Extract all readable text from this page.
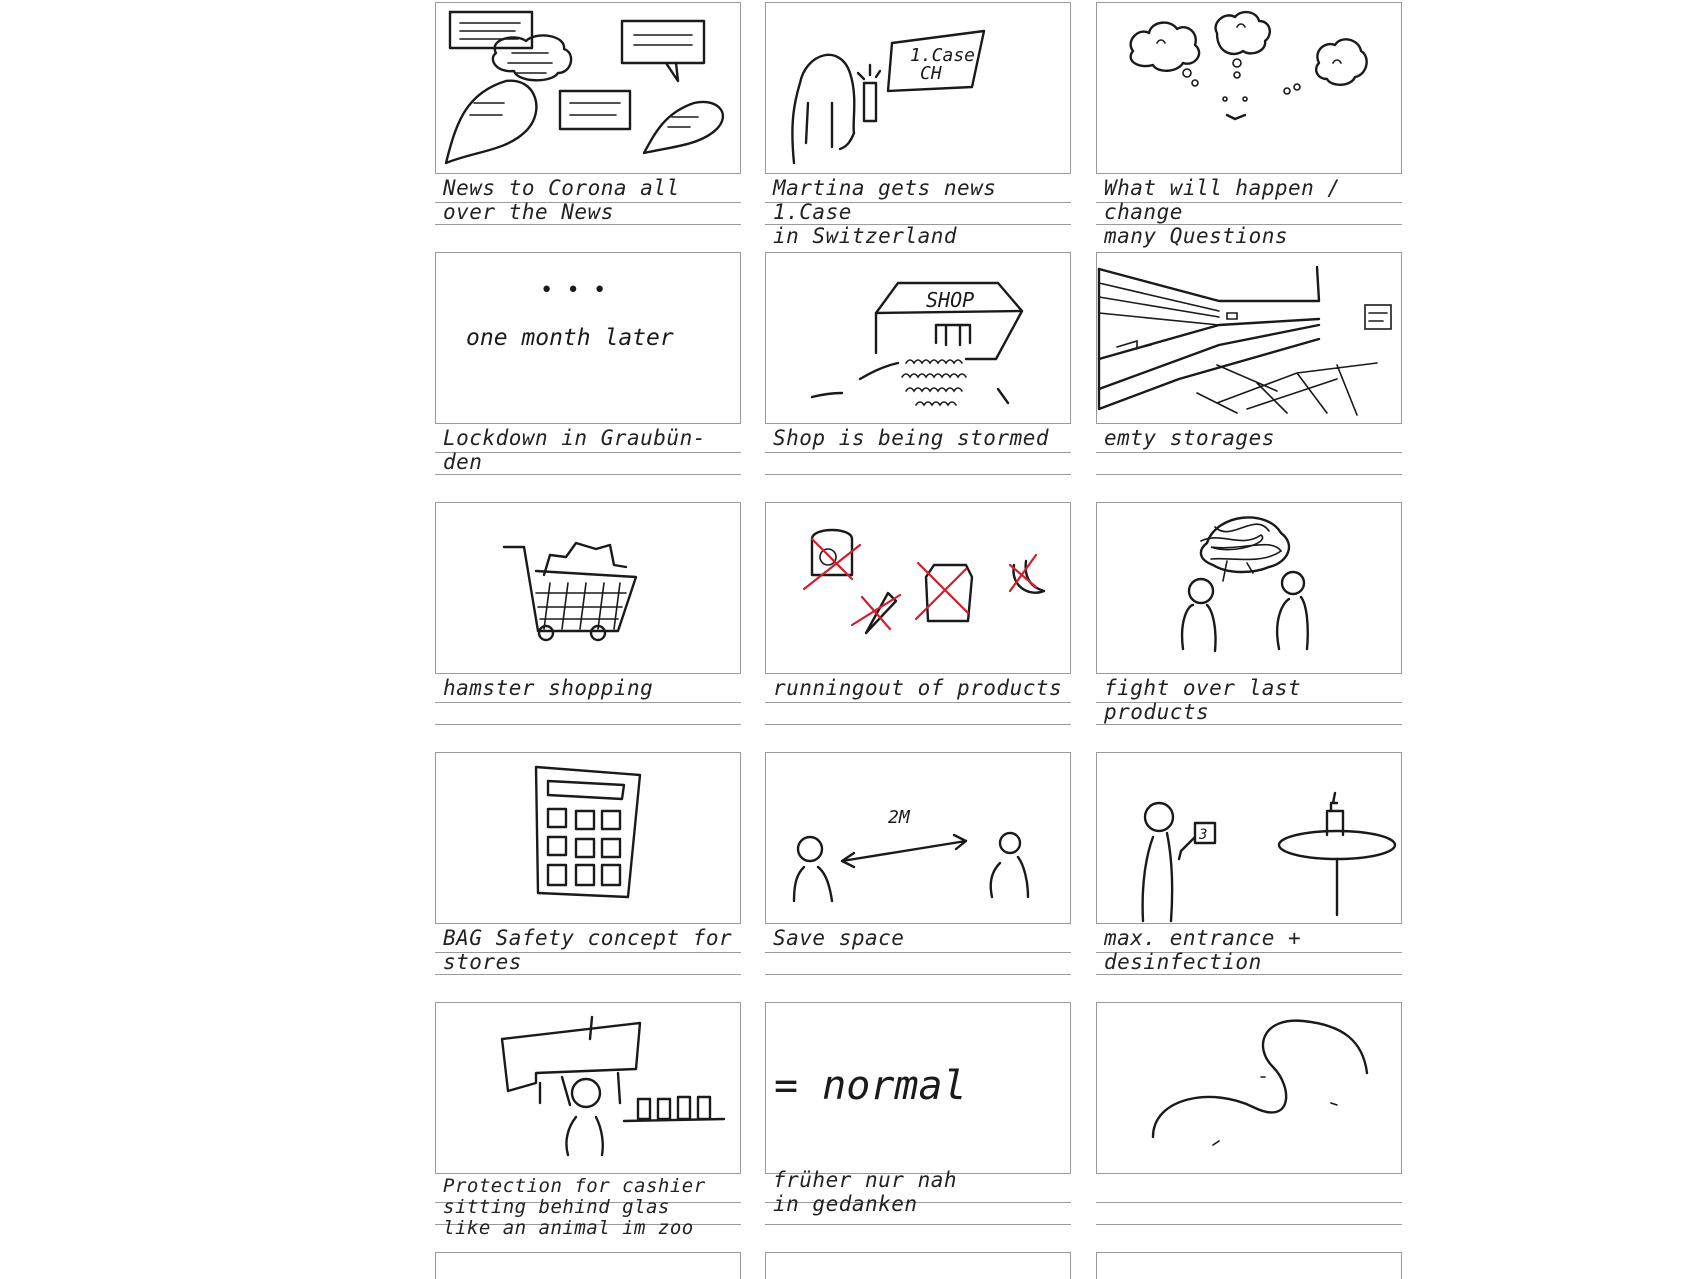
News to Corona all
over the News
1.Case
CH
Martina gets news 1.Case
in Switzerland
What will happen / change
many Questions
• • •
one month later
Lockdown in Graubün-
den
SHOP
Shop is being stormed	emty storages
hamster shopping	runningout of products	fight over last products
BAG Safety concept for
stores
2M
Save space
3
max. entrance + desinfection
Protection for cashier
sitting behind glas
like an animal im zoo
= normal
früher nur nah
in gedanken
